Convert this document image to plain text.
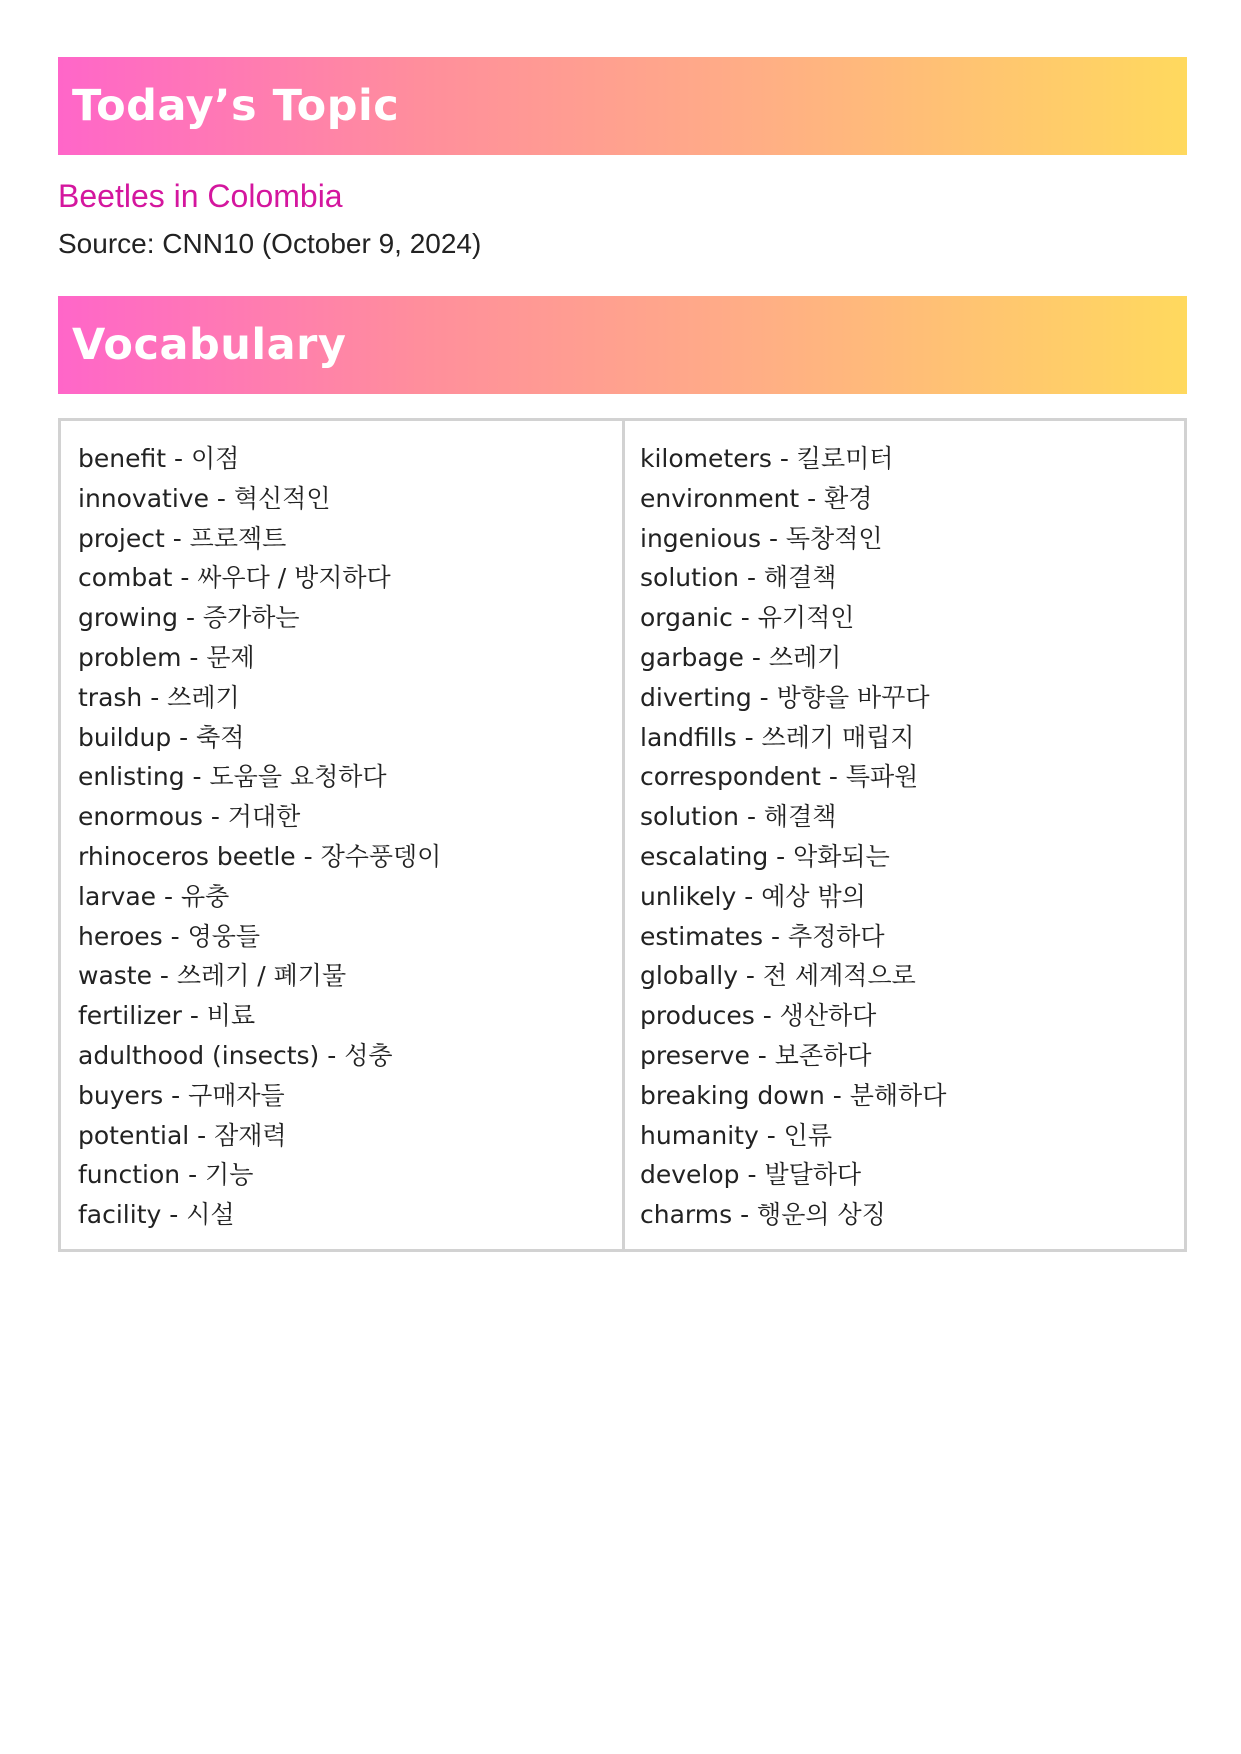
Today’s Topic
Beetles in Colombia
Source: CNN10 (October 9, 2024)
Vocabulary
benefit - 이점
innovative - 혁신적인
project - 프로젝트
combat - 싸우다 / 방지하다
growing - 증가하는
problem - 문제
trash - 쓰레기
buildup - 축적
enlisting - 도움을 요청하다
enormous - 거대한
rhinoceros beetle - 장수풍뎅이
larvae - 유충
heroes - 영웅들
waste - 쓰레기 / 폐기물
fertilizer - 비료
adulthood (insects) - 성충
buyers - 구매자들
potential - 잠재력
function - 기능
facility - 시설
kilometers - 킬로미터
environment - 환경
ingenious - 독창적인
solution - 해결책
organic - 유기적인
garbage - 쓰레기
diverting - 방향을 바꾸다
landfills - 쓰레기 매립지
correspondent - 특파원
solution - 해결책
escalating - 악화되는
unlikely - 예상 밖의
estimates - 추정하다
globally - 전 세계적으로
produces - 생산하다
preserve - 보존하다
breaking down - 분해하다
humanity - 인류
develop - 발달하다
charms - 행운의 상징
